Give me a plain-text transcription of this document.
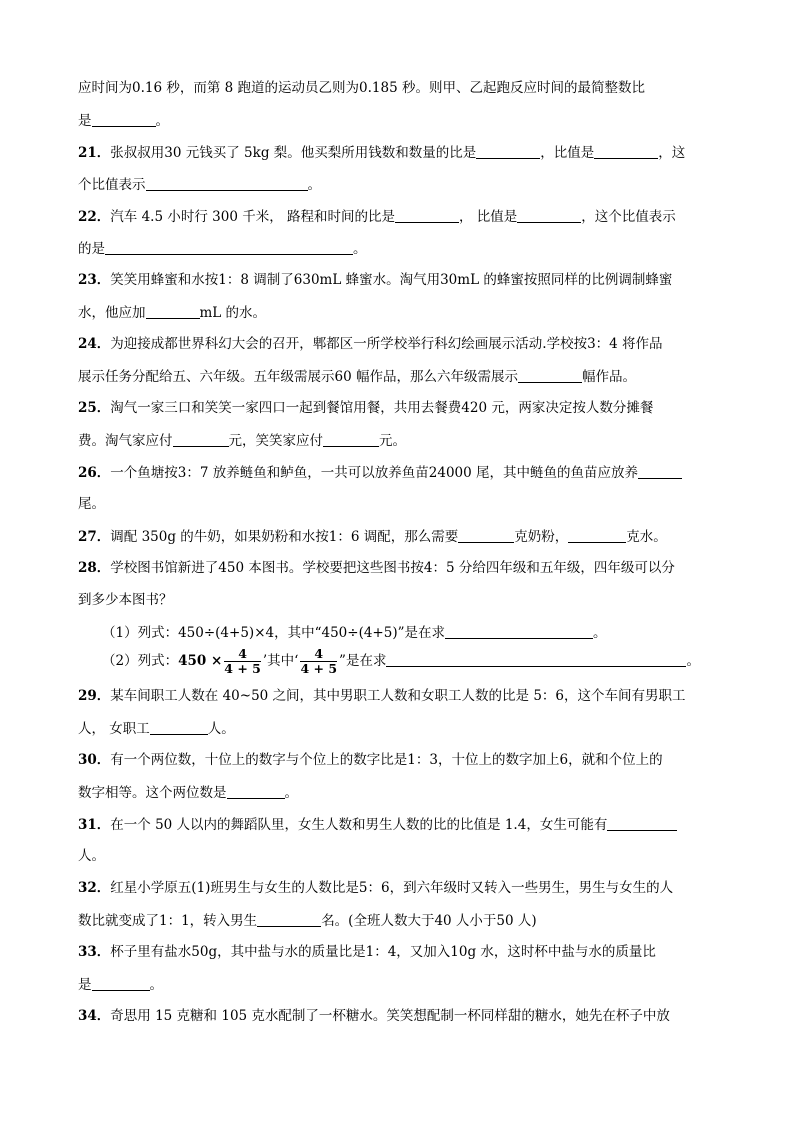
应时间为0.16 秒，而第 8 跑道的运动员乙则为0.185 秒。则甲、乙起跑反应时间的最简整数比
是	。
21．张叔叔用30 元钱买了 5kg 梨。他买梨所用钱数和数量的比是	，比值是	，这
个比值表示	。
22．汽车 4.5 小时行 300 千米， 路程和时间的比是	， 比值是	，这个比值表示
的是	。
23．笑笑用蜂蜜和水按1：8 调制了630mL 蜂蜜水。淘气用30mL 的蜂蜜按照同样的比例调制蜂蜜
水，他应加	mL 的水。
24．为迎接成都世界科幻大会的召开，郫都区一所学校举行科幻绘画展示活动.学校按3：4 将作品
展示任务分配给五、六年级。五年级需展示60 幅作品，那么六年级需展示	幅作品。
25．淘气一家三口和笑笑一家四口一起到餐馆用餐，共用去餐费420 元，两家决定按人数分摊餐
费。淘气家应付	元，笑笑家应付	元。
26．一个鱼塘按3：7 放养鲢鱼和鲈鱼，一共可以放养鱼苗24000 尾，其中鲢鱼的鱼苗应放养
尾。
27．调配 350g 的牛奶，如果奶粉和水按1：6 调配，那么需要	克奶粉，	克水。
28．学校图书馆新进了450 本图书。学校要把这些图书按4：5 分给四年级和五年级，四年级可以分
到多少本图书？
（1）列式：450÷(4+5)×4，其中“450÷(4+5)”是在求	。
（2）列式：$450 \times \frac{4}{4 + 5}$ ’其中‘ $\frac{4}{4 + 5}$ ”是在求	。
29．某车间职工人数在 40~50 之间，其中男职工人数和女职工人数的比是 5：6，这个车间有男职工
人， 女职工	人。
30．有一个两位数，十位上的数字与个位上的数字比是1：3，十位上的数字加上6，就和个位上的
数字相等。这个两位数是	。
31．在一个 50 人以内的舞蹈队里，女生人数和男生人数的比的比值是 1.4，女生可能有
人。
32．红星小学原五(1)班男生与女生的人数比是5：6，到六年级时又转入一些男生，男生与女生的人
数比就变成了1：1，转入男生	名。(全班人数大于40 人小于50 人)
33．杯子里有盐水50g，其中盐与水的质量比是1：4，又加入10g 水，这时杯中盐与水的质量比
是	。
34．奇思用 15 克糖和 105 克水配制了一杯糖水。笑笑想配制一杯同样甜的糖水，她先在杯子中放
